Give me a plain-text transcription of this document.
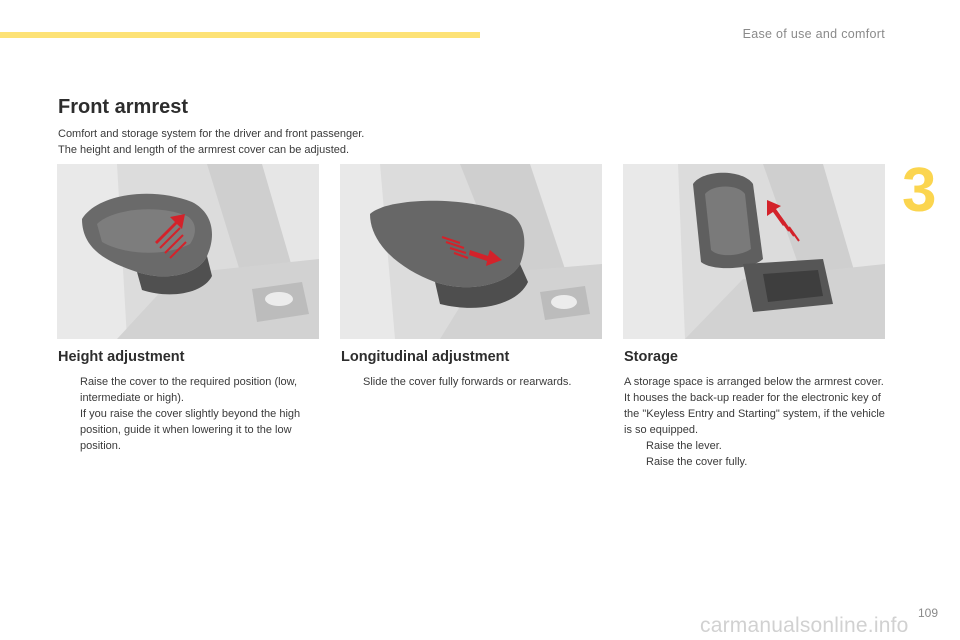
Ease of use and comfort
3
Front armrest

Comfort and storage system for the driver and front passenger.

The height and length of the armrest cover can be adjusted.

Height adjustment
Raise the cover to the required position (low, intermediate or high).
If you raise the cover slightly beyond the high position, guide it when lowering it to the low position.
Longitudinal adjustment
Slide the cover fully forwards or rearwards.
Storage

A storage space is arranged below the armrest cover. It houses the back-up reader for the electronic key of the "Keyless Entry and Starting" system, if the vehicle is so equipped.

Raise the lever.
Raise the cover fully.
carmanualsonline.info
109
